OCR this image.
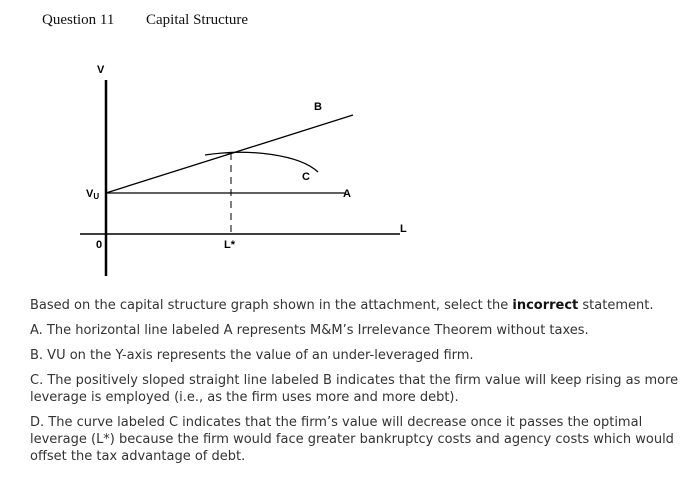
Question 11 Capital Structure
V
VU
0
L
L*
A
B
C

Based on the capital structure graph shown in the attachment, select the incorrect statement.

A. The horizontal line labeled A represents M&M’s Irrelevance Theorem without taxes.

B. VU on the Y-axis represents the value of an under-leveraged firm.

C. The positively sloped straight line labeled B indicates that the firm value will keep rising as more leverage is employed (i.e., as the firm uses more and more debt).

D. The curve labeled C indicates that the firm’s value will decrease once it passes the optimal leverage (L*) because the firm would face greater bankruptcy costs and agency costs which would offset the tax advantage of debt.
